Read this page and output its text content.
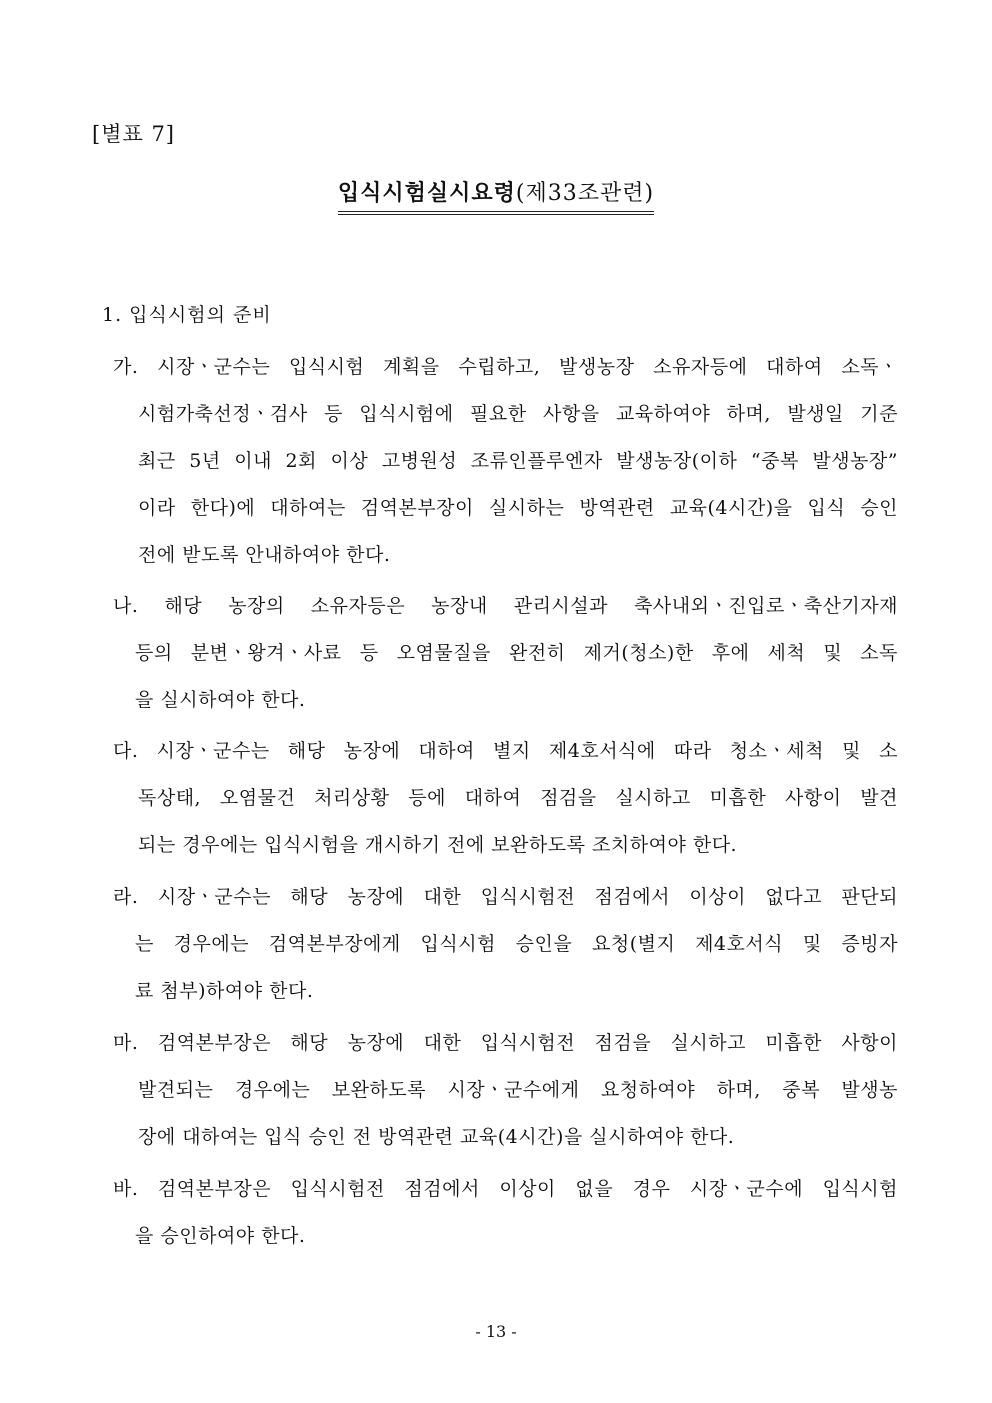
[별표 7]
입식시험실시요령(제33조관련)
1. 입식시험의 준비
가. 시장ㆍ군수는 입식시험 계획을 수립하고, 발생농장 소유자등에 대하여 소독ㆍ
시험가축선정ㆍ검사 등 입식시험에 필요한 사항을 교육하여야 하며, 발생일 기준
최근 5년 이내 2회 이상 고병원성 조류인플루엔자 발생농장(이하 “중복 발생농장”
이라 한다)에 대하여는 검역본부장이 실시하는 방역관련 교육(4시간)을 입식 승인
전에 받도록 안내하여야 한다.
나. 해당 농장의 소유자등은 농장내 관리시설과 축사내외ㆍ진입로ㆍ축산기자재
등의 분변ㆍ왕겨ㆍ사료 등 오염물질을 완전히 제거(청소)한 후에 세척 및 소독
을 실시하여야 한다.
다. 시장ㆍ군수는 해당 농장에 대하여 별지 제4호서식에 따라 청소ㆍ세척 및 소
독상태, 오염물건 처리상황 등에 대하여 점검을 실시하고 미흡한 사항이 발견
되는 경우에는 입식시험을 개시하기 전에 보완하도록 조치하여야 한다.
라. 시장ㆍ군수는 해당 농장에 대한 입식시험전 점검에서 이상이 없다고 판단되
는 경우에는 검역본부장에게 입식시험 승인을 요청(별지 제4호서식 및 증빙자
료 첨부)하여야 한다.
마. 검역본부장은 해당 농장에 대한 입식시험전 점검을 실시하고 미흡한 사항이
발견되는 경우에는 보완하도록 시장ㆍ군수에게 요청하여야 하며, 중복 발생농
장에 대하여는 입식 승인 전 방역관련 교육(4시간)을 실시하여야 한다.
바. 검역본부장은 입식시험전 점검에서 이상이 없을 경우 시장ㆍ군수에 입식시험
을 승인하여야 한다.
- 13 -
